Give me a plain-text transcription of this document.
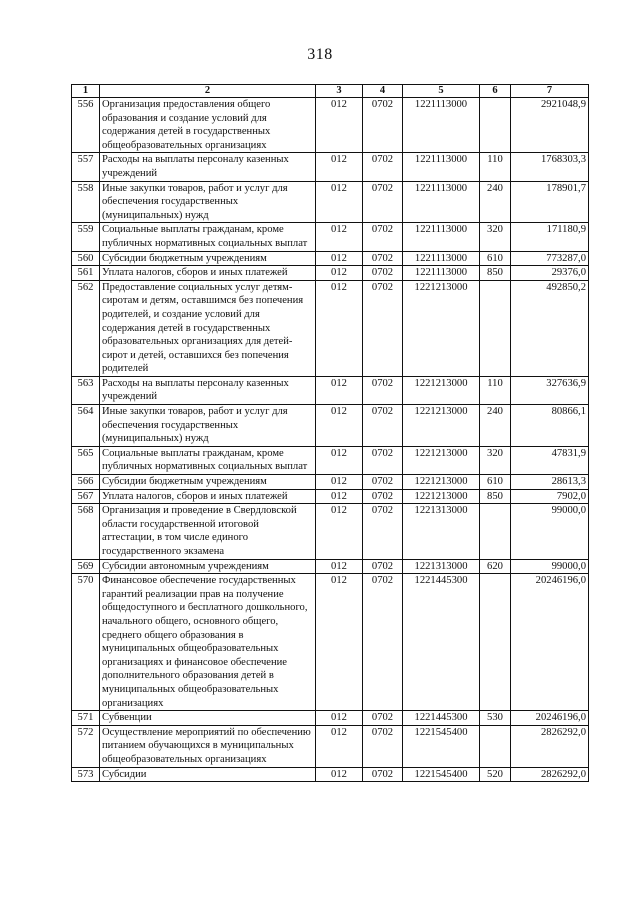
318
1	2	3	4	5	6	7
556	Организация предоставления общего образования и создание условий для содержания детей в государственных общеобразовательных организациях	012	0702	1221113000		2921048,9
557	Расходы на выплаты персоналу казенных учреждений	012	0702	1221113000	110	1768303,3
558	Иные закупки товаров, работ и услуг для обеспечения государственных (муниципальных) нужд	012	0702	1221113000	240	178901,7
559	Социальные выплаты гражданам, кроме публичных нормативных социальных выплат	012	0702	1221113000	320	171180,9
560	Субсидии бюджетным учреждениям	012	0702	1221113000	610	773287,0
561	Уплата налогов, сборов и иных платежей	012	0702	1221113000	850	29376,0
562	Предоставление социальных услуг детям-сиротам и детям, оставшимся без попечения родителей, и создание условий для содержания детей в государственных образовательных организациях для детей-сирот и детей, оставшихся без попечения родителей	012	0702	1221213000		492850,2
563	Расходы на выплаты персоналу казенных учреждений	012	0702	1221213000	110	327636,9
564	Иные закупки товаров, работ и услуг для обеспечения государственных (муниципальных) нужд	012	0702	1221213000	240	80866,1
565	Социальные выплаты гражданам, кроме публичных нормативных социальных выплат	012	0702	1221213000	320	47831,9
566	Субсидии бюджетным учреждениям	012	0702	1221213000	610	28613,3
567	Уплата налогов, сборов и иных платежей	012	0702	1221213000	850	7902,0
568	Организация и проведение в Свердловской области государственной итоговой аттестации, в том числе единого государственного экзамена	012	0702	1221313000		99000,0
569	Субсидии автономным учреждениям	012	0702	1221313000	620	99000,0
570	Финансовое обеспечение государственных гарантий реализации прав на получение общедоступного и бесплатного дошкольного, начального общего, основного общего, среднего общего образования в муниципальных общеобразовательных организациях и финансовое обеспечение дополнительного образования детей в муниципальных общеобразовательных организациях	012	0702	1221445300		20246196,0
571	Субвенции	012	0702	1221445300	530	20246196,0
572	Осуществление мероприятий по обеспечению питанием обучающихся в муниципальных общеобразовательных организациях	012	0702	1221545400		2826292,0
573	Субсидии	012	0702	1221545400	520	2826292,0
